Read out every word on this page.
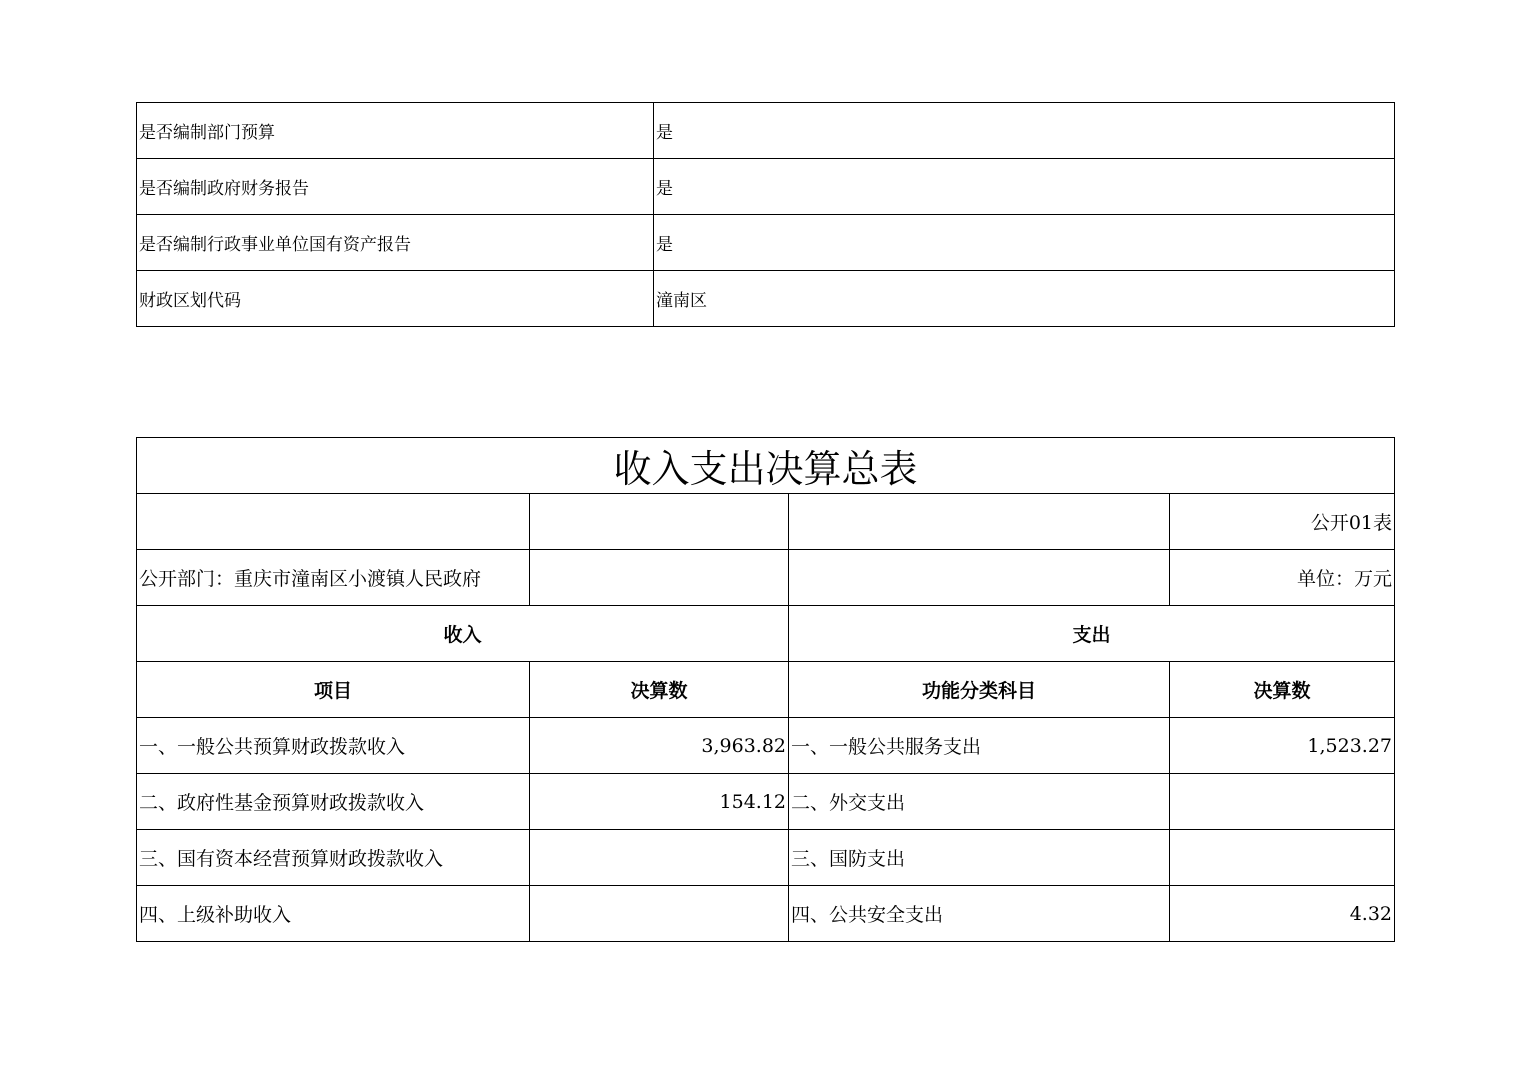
是否编制部门预算	是
是否编制政府财务报告	是
是否编制行政事业单位国有资产报告	是
财政区划代码	潼南区
收入支出决算总表			
			公开01表
公开部门：重庆市潼南区小渡镇人民政府			单位：万元
收入		支出	
项目	决算数	功能分类科目	决算数
一、一般公共预算财政拨款收入	3,963.82	一、一般公共服务支出	1,523.27
二、政府性基金预算财政拨款收入	154.12	二、外交支出	
三、国有资本经营预算财政拨款收入		三、国防支出	
四、上级补助收入		四、公共安全支出	4.32
